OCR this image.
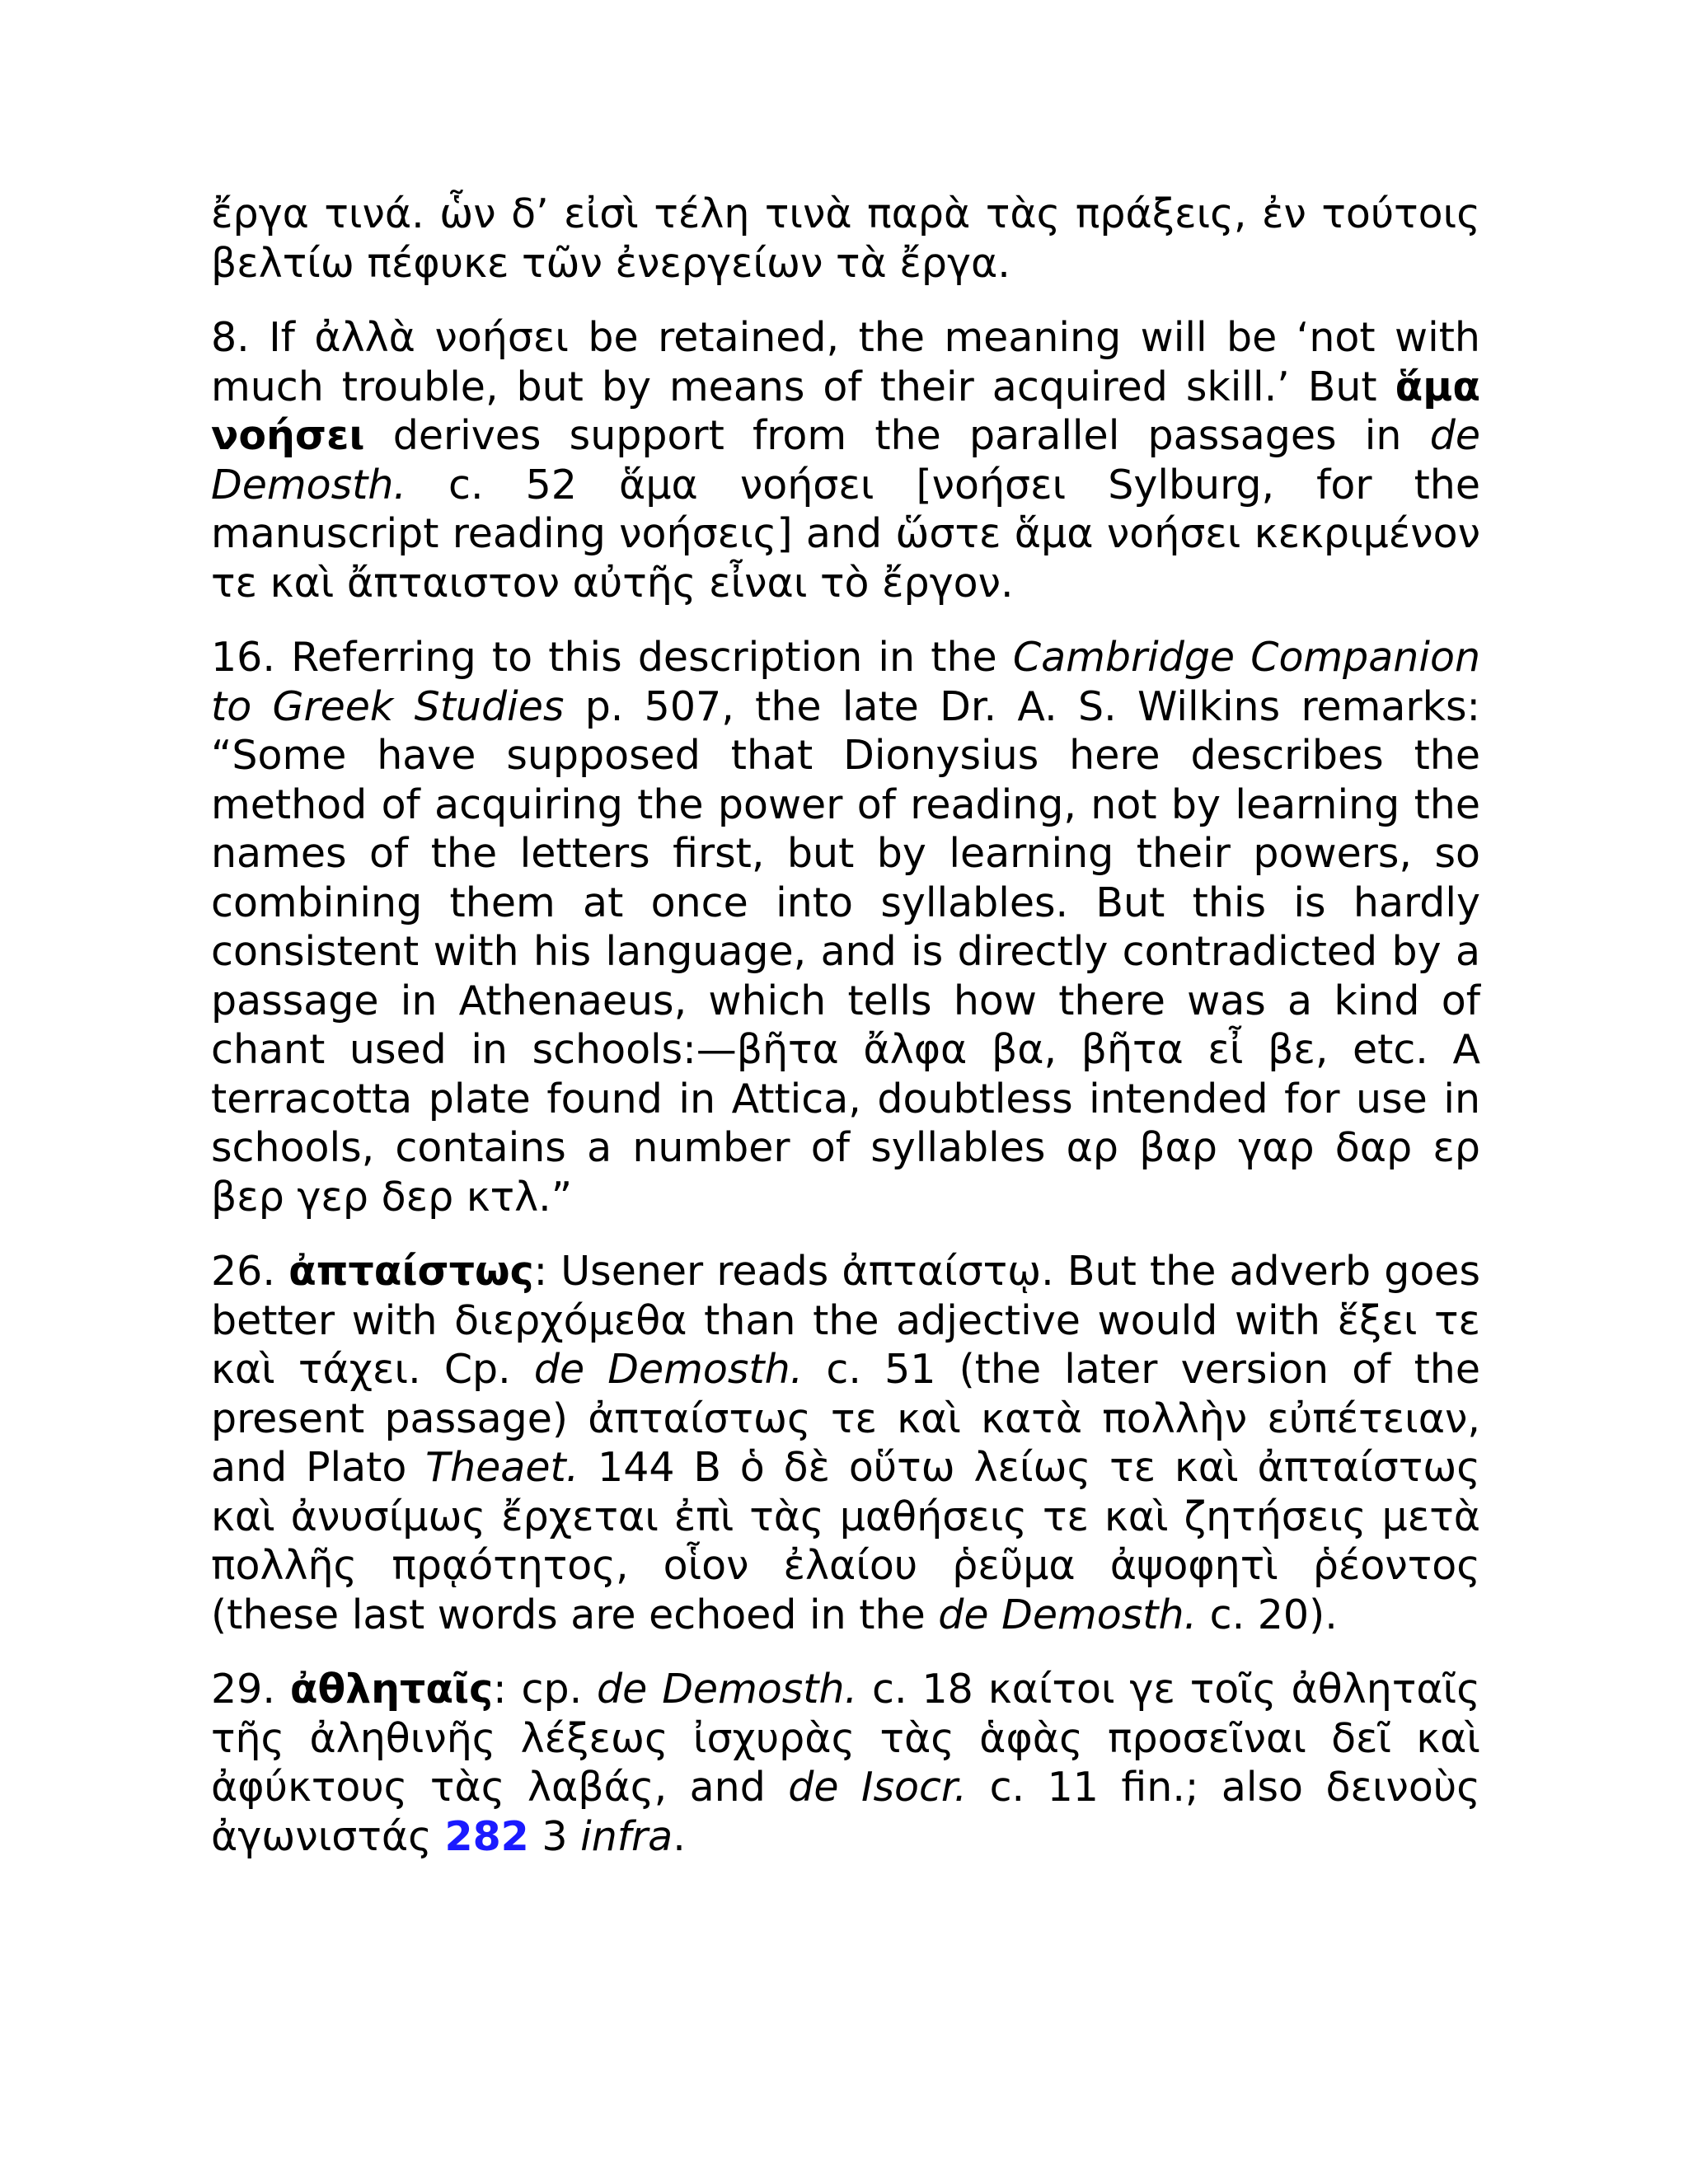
ἔργα τινά. ὧν δʼ εἰσὶ τέλη τινὰ παρὰ τὰς πράξεις, ἐν τούτοις βελτίω πέφυκε τῶν ἐνεργείων τὰ ἔργα.

8. If ἀλλὰ νοήσει be retained, the meaning will be ‘not with much trouble, but by means of their acquired skill.’ But ἅμα νοήσει derives support from the parallel passages in de Demosth. c. 52 ἅμα νοήσει [νοήσει Sylburg, for the manuscript reading νοήσεις] and ὥστε ἅμα νοήσει κεκριμένον τε καὶ ἄπταιστον αὐτῆς εἶναι τὸ ἔργον.

16. Referring to this description in the Cambridge Companion to Greek Studies p. 507, the late Dr. A. S. Wilkins remarks: “Some have supposed that Dionysius here describes the method of acquiring the power of reading, not by learning the names of the letters first, but by learning their powers, so combining them at once into syllables. But this is hardly consistent with his language, and is directly contradicted by a passage in Athenaeus, which tells how there was a kind of chant used in schools:—βῆτα ἄλφα βα, βῆτα εἶ βε, etc. A terracotta plate found in Attica, doubtless intended for use in schools, contains a number of syllables αρ βαρ γαρ δαρ ερ βερ γερ δερ κτλ.”

26. ἀπταίστως: Usener reads ἀπταίστῳ. But the adverb goes better with διερχόμεθα than the adjective would with ἕξει τε καὶ τάχει. Cp. de Demosth. c. 51 (the later version of the present passage) ἀπταίστως τε καὶ κατὰ πολλὴν εὐπέτειαν, and Plato Theaet. 144 B ὁ δὲ οὕτω λείως τε καὶ ἀπταίστως καὶ ἀνυσίμως ἔρχεται ἐπὶ τὰς μαθήσεις τε καὶ ζητήσεις μετὰ πολλῆς πρᾳότητος, οἷον ἐλαίου ῥεῦμα ἀψοφητὶ ῥέοντος (these last words are echoed in the de Demosth. c. 20).

29. ἀθληταῖς: cp. de Demosth. c. 18 καίτοι γε τοῖς ἀθληταῖς τῆς ἀληθινῆς λέξεως ἰσχυρὰς τὰς ἁφὰς προσεῖναι δεῖ καὶ ἀφύκτους τὰς λαβάς, and de Isocr. c. 11 fin.; also δεινοὺς ἀγωνιστάς 282 3 infra.
